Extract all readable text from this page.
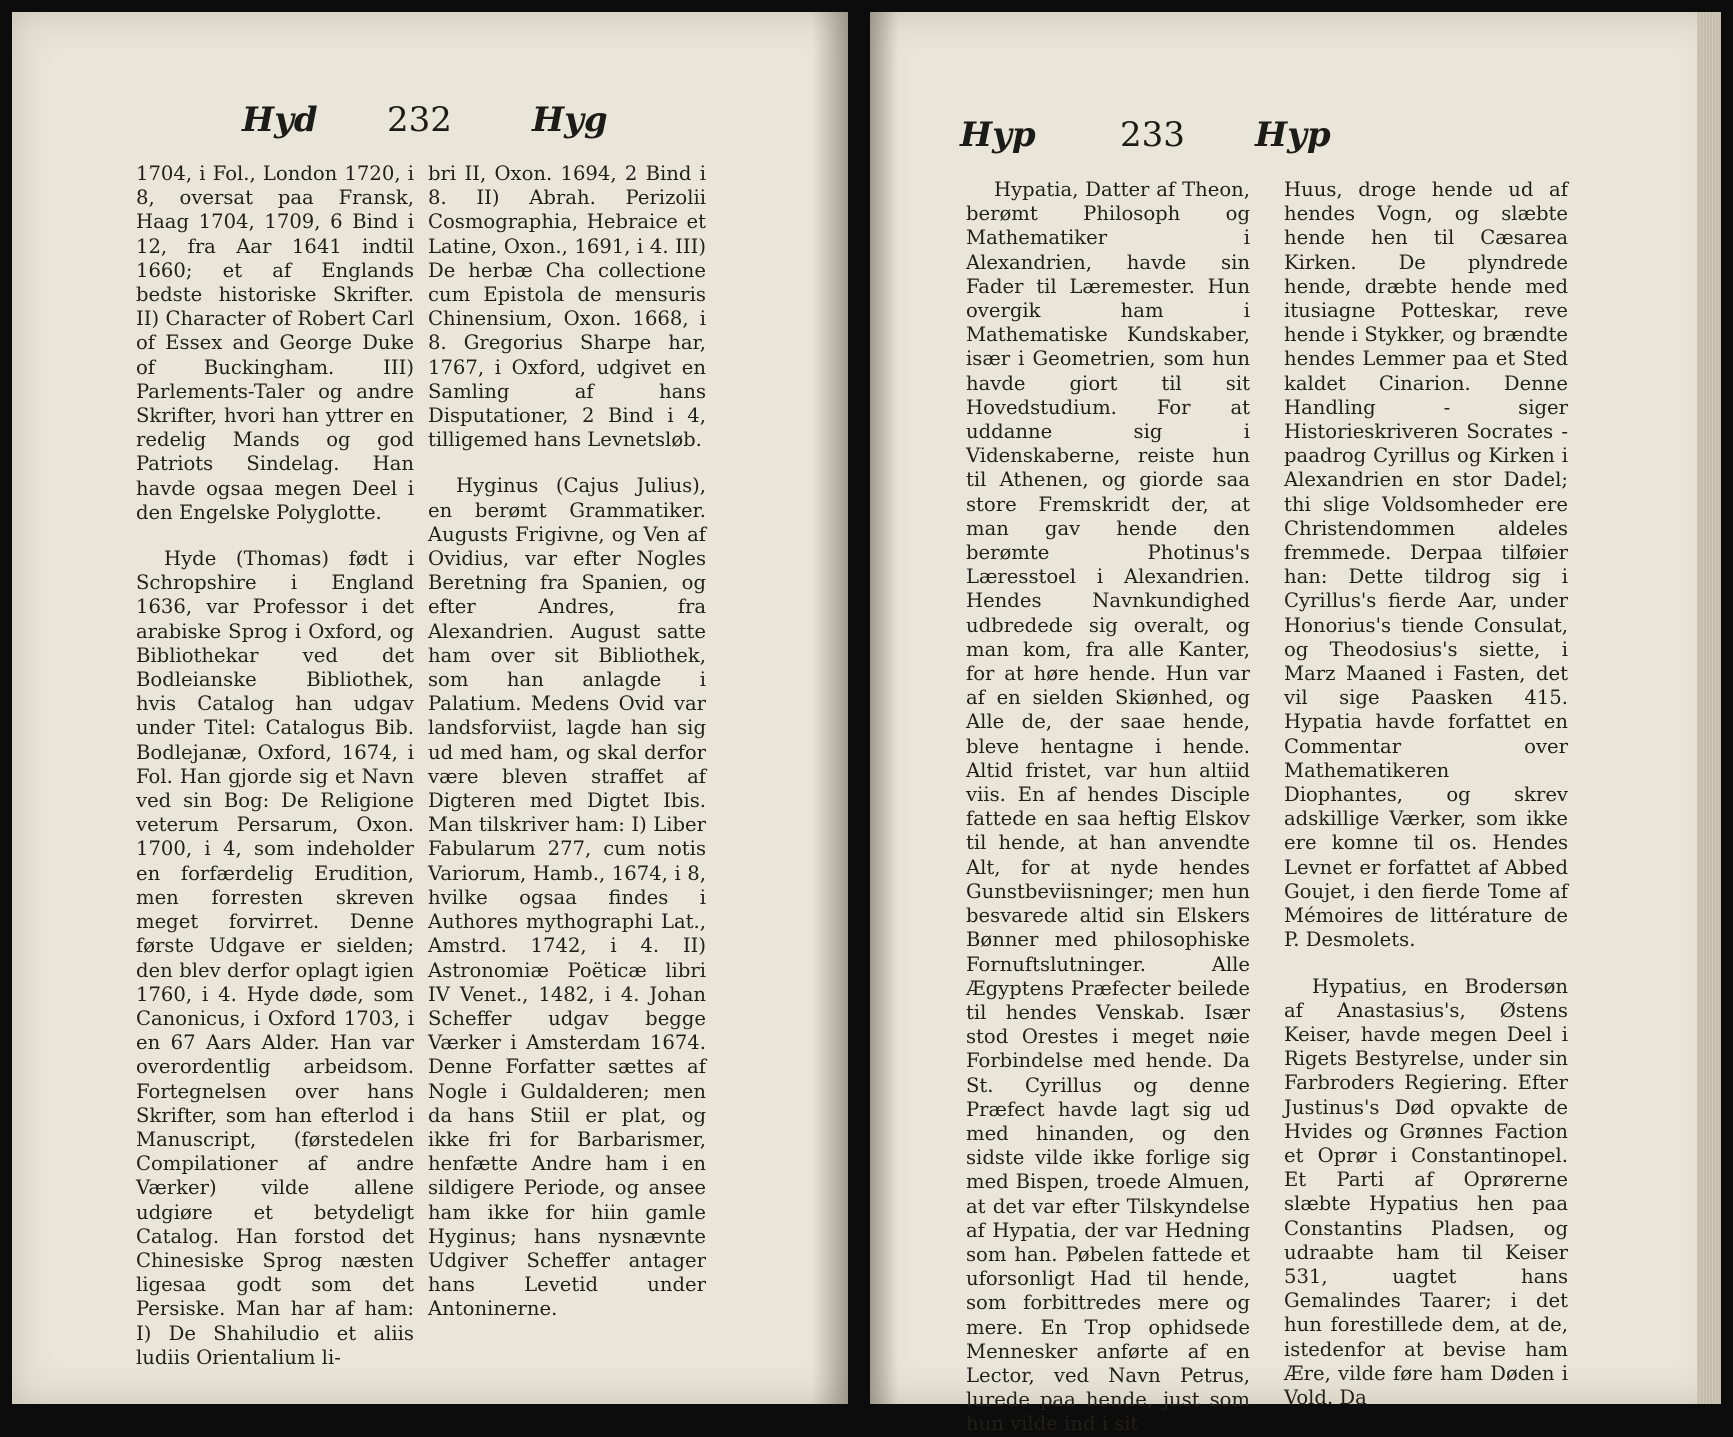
Hyd 232 Hyg
1704, i Fol., London 1720, i 8, oversat paa Fransk, Haag 1704, 1709, 6 Bind i 12, fra Aar 1641 indtil 1660; et af Englands bedste historiske Skrifter. II) Character of Robert Carl of Essex and George Duke of Buckingham. III) Parlements-Taler og andre Skrifter, hvori han yttrer en redelig Mands og god Patriots Sindelag. Han havde ogsaa megen Deel i den Engelske Polyglotte.
Hyde (Thomas) født i Schropshire i England 1636, var Professor i det arabiske Sprog i Oxford, og Bibliothekar ved det Bodleianske Bibliothek, hvis Catalog han udgav under Titel: Catalogus Bib. Bodlejanæ, Oxford, 1674, i Fol. Han gjorde sig et Navn ved sin Bog: De Religione veterum Persarum, Oxon. 1700, i 4, som indeholder en forfærdelig Erudition, men forresten skreven meget forvirret. Denne første Udgave er sielden; den blev derfor oplagt igien 1760, i 4. Hyde døde, som Canonicus, i Oxford 1703, i en 67 Aars Alder. Han var overordentlig arbeidsom. Fortegnelsen over hans Skrifter, som han efterlod i Manuscript, (førstedelen Compilationer af andre Værker) vilde allene udgiøre et betydeligt Catalog. Han forstod det Chinesiske Sprog næsten ligesaa godt som det Persiske. Man har af ham: I) De Shahiludio et aliis ludiis Orientalium li-
bri II, Oxon. 1694, 2 Bind i 8. II) Abrah. Perizolii Cosmographia, Hebraice et Latine, Oxon., 1691, i 4. III) De herbæ Cha collectione cum Epistola de mensuris Chinensium, Oxon. 1668, i 8. Gregorius Sharpe har, 1767, i Oxford, udgivet en Samling af hans Disputationer, 2 Bind i 4, tilligemed hans Levnetsløb.
Hyginus (Cajus Julius), en berømt Grammatiker. Augusts Frigivne, og Ven af Ovidius, var efter Nogles Beretning fra Spanien, og efter Andres, fra Alexandrien. August satte ham over sit Bibliothek, som han anlagde i Palatium. Medens Ovid var landsforviist, lagde han sig ud med ham, og skal derfor være bleven straffet af Digteren med Digtet Ibis. Man tilskriver ham: I) Liber Fabularum 277, cum notis Variorum, Hamb., 1674, i 8, hvilke ogsaa findes i Authores mythographi Lat., Amstrd. 1742, i 4. II) Astronomiæ Poëticæ libri IV Venet., 1482, i 4. Johan Scheffer udgav begge Værker i Amsterdam 1674. Denne Forfatter sættes af Nogle i Guldalderen; men da hans Stiil er plat, og ikke fri for Barbarismer, henfætte Andre ham i en sildigere Periode, og ansee ham ikke for hiin gamle Hyginus; hans nysnævnte Udgiver Scheffer antager hans Levetid under Antoninerne.
Hyp 233 Hyp
Hypatia, Datter af Theon, berømt Philosoph og Mathematiker i Alexandrien, havde sin Fader til Læremester. Hun overgik ham i Mathematiske Kundskaber, især i Geometrien, som hun havde giort til sit Hovedstudium. For at uddanne sig i Videnskaberne, reiste hun til Athenen, og giorde saa store Fremskridt der, at man gav hende den berømte Photinus's Læresstoel i Alexandrien. Hendes Navnkundighed udbredede sig overalt, og man kom, fra alle Kanter, for at høre hende. Hun var af en sielden Skiønhed, og Alle de, der saae hende, bleve hentagne i hende. Altid fristet, var hun altiid viis. En af hendes Disciple fattede en saa heftig Elskov til hende, at han anvendte Alt, for at nyde hendes Gunstbeviisninger; men hun besvarede altid sin Elskers Bønner med philosophiske Fornuftslutninger. Alle Ægyptens Præfecter beilede til hendes Venskab. Især stod Orestes i meget nøie Forbindelse med hende. Da St. Cyrillus og denne Præfect havde lagt sig ud med hinanden, og den sidste vilde ikke forlige sig med Bispen, troede Almuen, at det var efter Tilskyndelse af Hypatia, der var Hedning som han. Pøbelen fattede et uforsonligt Had til hende, som forbittredes mere og mere. En Trop ophidsede Mennesker anførte af en Lector, ved Navn Petrus, lurede paa hende, just som hun vilde ind i sit
Huus, droge hende ud af hendes Vogn, og slæbte hende hen til Cæsarea Kirken. De plyndrede hende, dræbte hende med itusiagne Potteskar, reve hende i Stykker, og brændte hendes Lemmer paa et Sted kaldet Cinarion. Denne Handling - siger Historieskriveren Socrates - paadrog Cyrillus og Kirken i Alexandrien en stor Dadel; thi slige Voldsomheder ere Christendommen aldeles fremmede. Derpaa tilføier han: Dette tildrog sig i Cyrillus's fierde Aar, under Honorius's tiende Consulat, og Theodosius's siette, i Marz Maaned i Fasten, det vil sige Paasken 415. Hypatia havde forfattet en Commentar over Mathematikeren Diophantes, og skrev adskillige Værker, som ikke ere komne til os. Hendes Levnet er forfattet af Abbed Goujet, i den fierde Tome af Mémoires de littérature de P. Desmolets.
Hypatius, en Brodersøn af Anastasius's, Østens Keiser, havde megen Deel i Rigets Bestyrelse, under sin Farbroders Regiering. Efter Justinus's Død opvakte de Hvides og Grønnes Faction et Oprør i Constantinopel. Et Parti af Oprørerne slæbte Hypatius hen paa Constantins Pladsen, og udraabte ham til Keiser 531, uagtet hans Gemalindes Taarer; i det hun forestillede dem, at de, istedenfor at bevise ham Ære, vilde føre ham Døden i Vold. Da
